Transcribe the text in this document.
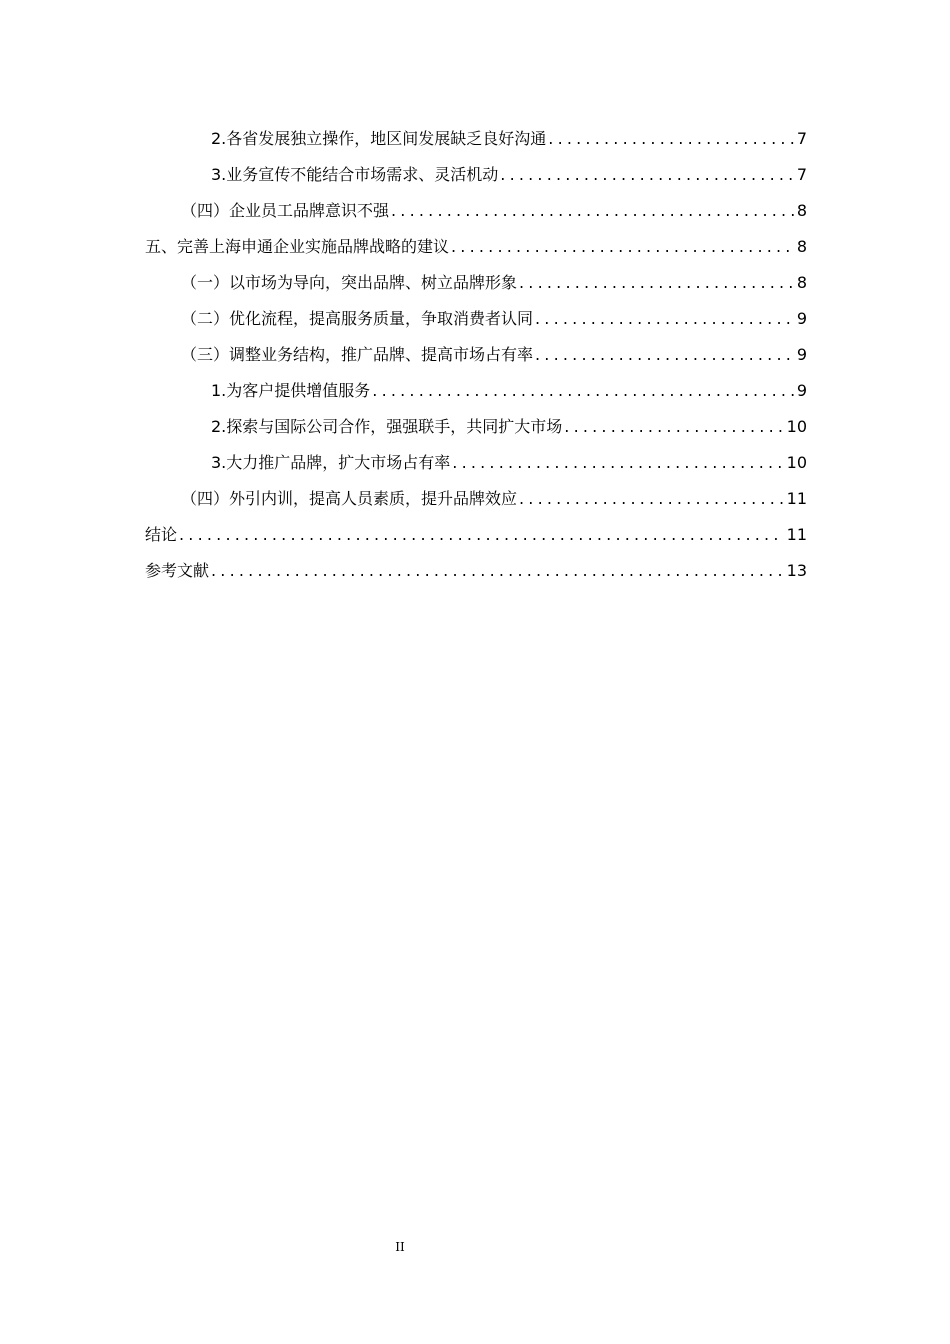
2.各省发展独立操作，地区间发展缺乏良好沟通 .....	7
3.业务宣传不能结合市场需求、灵活机动 .....	7
（四）企业员工品牌意识不强 .....	8
五、完善上海申通企业实施品牌战略的建议 .....	8
（一）以市场为导向，突出品牌、树立品牌形象 .....	8
（二）优化流程，提高服务质量，争取消费者认同 .....	9
（三）调整业务结构，推广品牌、提高市场占有率 .....	9
1.为客户提供增值服务 .....	9
2.探索与国际公司合作，强强联手，共同扩大市场 .....	10
3.大力推广品牌，扩大市场占有率 .....	10
（四）外引内训，提高人员素质，提升品牌效应 .....	11
结论 .....	11
参考文献 .....	13
II
